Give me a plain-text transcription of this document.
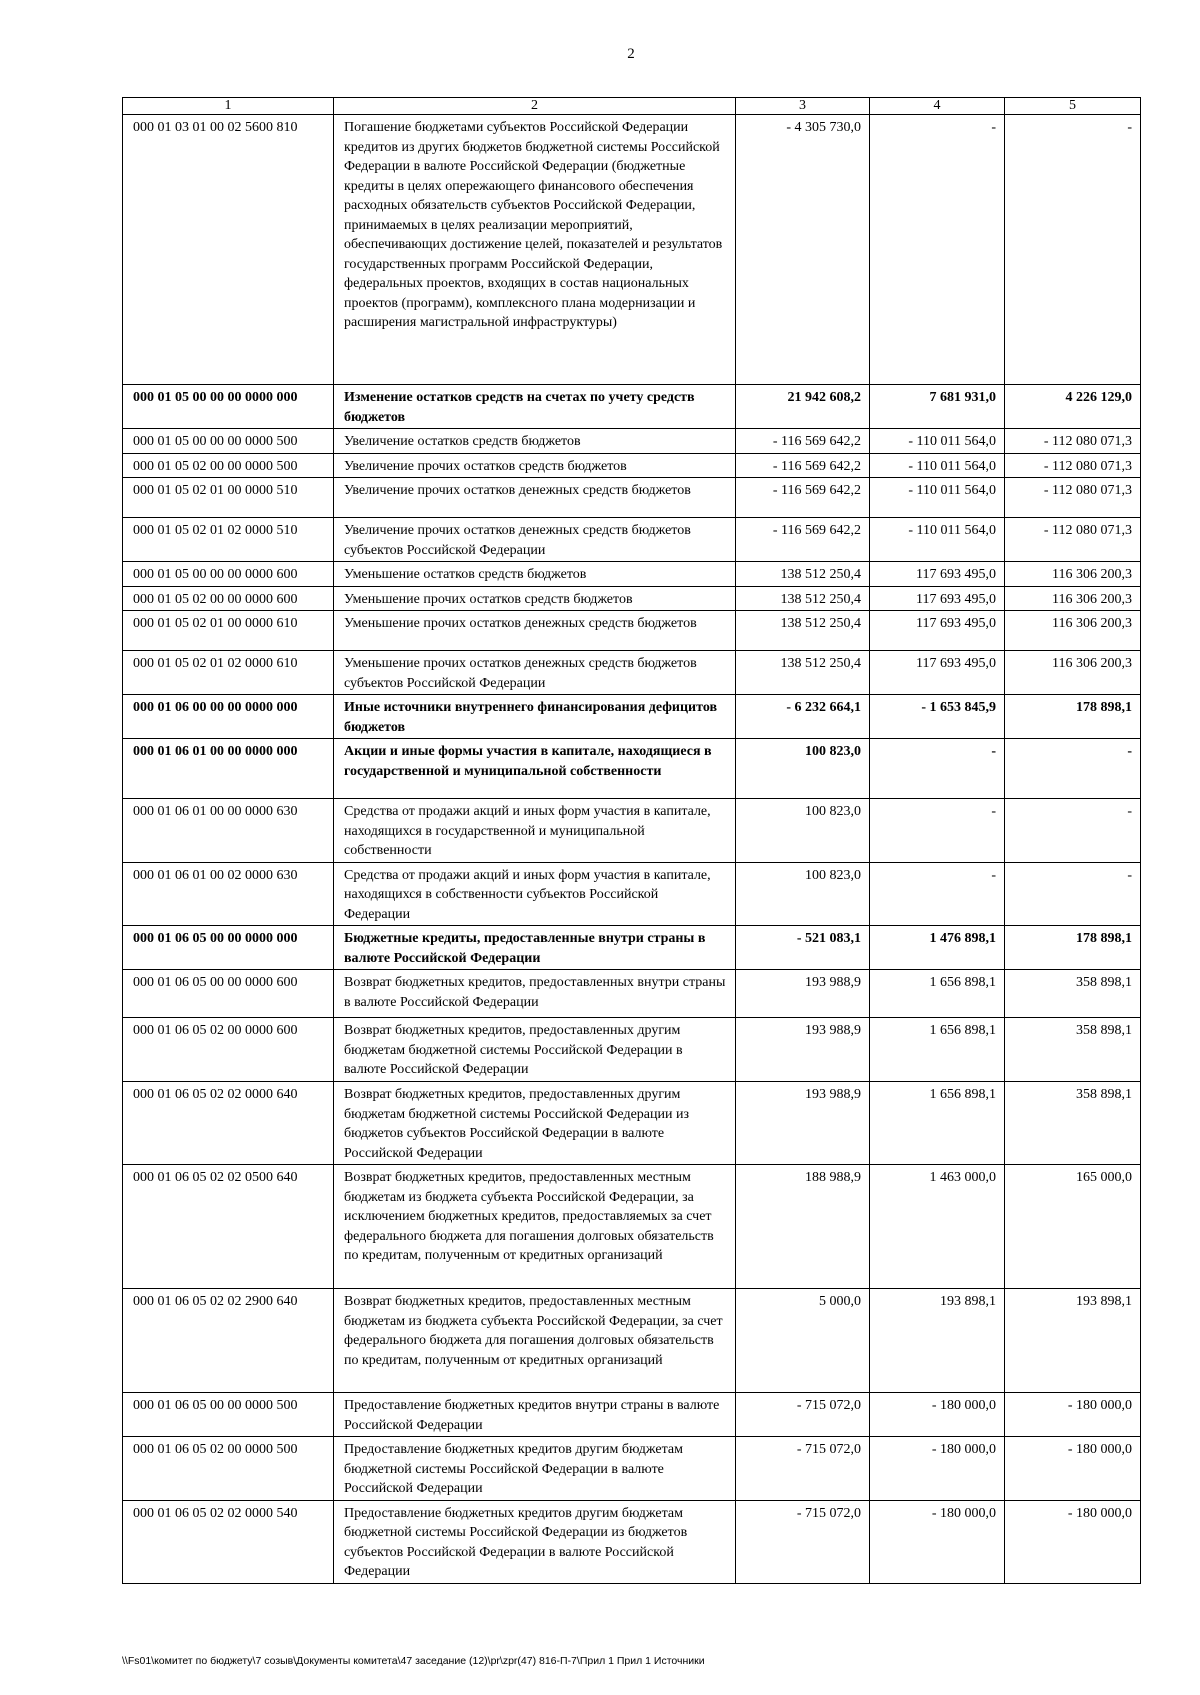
2
1	2	3	4	5
000 01 03 01 00 02 5600 810	Погашение бюджетами субъектов Российской Федерации кредитов из других бюджетов бюджетной системы Российской Федерации в валюте Российской Федерации (бюджетные кредиты в целях опережающего финансового обеспечения расходных обязательств субъектов Российской Федерации, принимаемых в целях реализации мероприятий, обеспечивающих достижение целей, показателей и результатов государственных программ Российской Федерации, федеральных проектов, входящих в состав национальных проектов (программ), комплексного плана модернизации и расширения магистральной инфраструктуры)	- 4 305 730,0	-	-
000 01 05 00 00 00 0000 000	Изменение остатков средств на счетах по учету средств бюджетов	21 942 608,2	7 681 931,0	4 226 129,0
000 01 05 00 00 00 0000 500	Увеличение остатков средств бюджетов	- 116 569 642,2	- 110 011 564,0	- 112 080 071,3
000 01 05 02 00 00 0000 500	Увеличение прочих остатков средств бюджетов	- 116 569 642,2	- 110 011 564,0	- 112 080 071,3
000 01 05 02 01 00 0000 510	Увеличение прочих остатков денежных средств бюджетов	- 116 569 642,2	- 110 011 564,0	- 112 080 071,3
000 01 05 02 01 02 0000 510	Увеличение прочих остатков денежных средств бюджетов субъектов Российской Федерации	- 116 569 642,2	- 110 011 564,0	- 112 080 071,3
000 01 05 00 00 00 0000 600	Уменьшение остатков средств бюджетов	138 512 250,4	117 693 495,0	116 306 200,3
000 01 05 02 00 00 0000 600	Уменьшение прочих остатков средств бюджетов	138 512 250,4	117 693 495,0	116 306 200,3
000 01 05 02 01 00 0000 610	Уменьшение прочих остатков денежных средств бюджетов	138 512 250,4	117 693 495,0	116 306 200,3
000 01 05 02 01 02 0000 610	Уменьшение прочих остатков денежных средств бюджетов субъектов Российской Федерации	138 512 250,4	117 693 495,0	116 306 200,3
000 01 06 00 00 00 0000 000	Иные источники внутреннего финансирования дефицитов бюджетов	- 6 232 664,1	- 1 653 845,9	178 898,1
000 01 06 01 00 00 0000 000	Акции и иные формы участия в капитале, находящиеся в государственной и муниципальной собственности	100 823,0	-	-
000 01 06 01 00 00 0000 630	Средства от продажи акций и иных форм участия в капитале, находящихся в государственной и муниципальной собственности	100 823,0	-	-
000 01 06 01 00 02 0000 630	Средства от продажи акций и иных форм участия в капитале, находящихся в собственности субъектов Российской Федерации	100 823,0	-	-
000 01 06 05 00 00 0000 000	Бюджетные кредиты, предоставленные внутри страны в валюте Российской Федерации	- 521 083,1	1 476 898,1	178 898,1
000 01 06 05 00 00 0000 600	Возврат бюджетных кредитов, предоставленных внутри страны в валюте Российской Федерации	193 988,9	1 656 898,1	358 898,1
000 01 06 05 02 00 0000 600	Возврат бюджетных кредитов, предоставленных другим бюджетам бюджетной системы Российской Федерации в валюте Российской Федерации	193 988,9	1 656 898,1	358 898,1
000 01 06 05 02 02 0000 640	Возврат бюджетных кредитов, предоставленных другим бюджетам бюджетной системы Российской Федерации из бюджетов субъектов Российской Федерации в валюте Российской Федерации	193 988,9	1 656 898,1	358 898,1
000 01 06 05 02 02 0500 640	Возврат бюджетных кредитов, предоставленных местным бюджетам из бюджета субъекта Российской Федерации, за исключением бюджетных кредитов, предоставляемых за счет федерального бюджета для погашения долговых обязательств по кредитам, полученным от кредитных организаций	188 988,9	1 463 000,0	165 000,0
000 01 06 05 02 02 2900 640	Возврат бюджетных кредитов, предоставленных местным бюджетам из бюджета субъекта Российской Федерации, за счет федерального бюджета для погашения долговых обязательств по кредитам, полученным от кредитных организаций	5 000,0	193 898,1	193 898,1
000 01 06 05 00 00 0000 500	Предоставление бюджетных кредитов внутри страны в валюте Российской Федерации	- 715 072,0	- 180 000,0	- 180 000,0
000 01 06 05 02 00 0000 500	Предоставление бюджетных кредитов другим бюджетам бюджетной системы Российской Федерации в валюте Российской Федерации	- 715 072,0	- 180 000,0	- 180 000,0
000 01 06 05 02 02 0000 540	Предоставление бюджетных кредитов другим бюджетам бюджетной системы Российской Федерации из бюджетов субъектов Российской Федерации в валюте Российской Федерации	- 715 072,0	- 180 000,0	- 180 000,0
\\Fs01\комитет по бюджету\7 созыв\Документы комитета\47 заседание (12)\pr\zpr(47) 816-П-7\Прил 1 Прил 1 Источники
